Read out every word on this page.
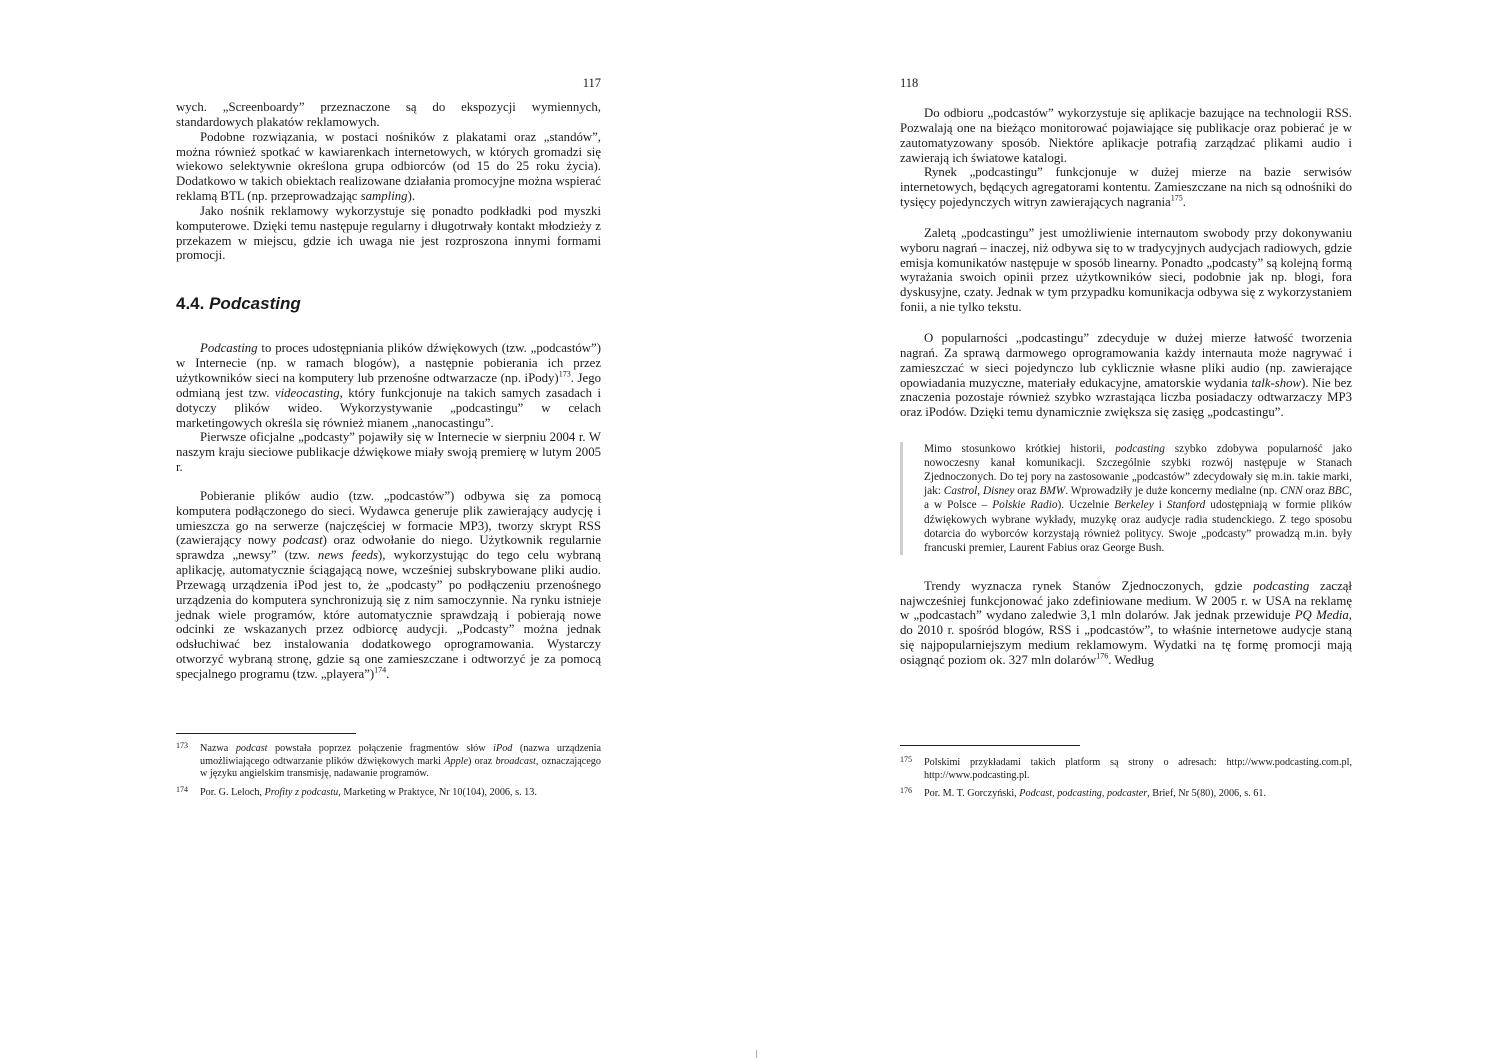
117

wych. „Screenboardy” przeznaczone są do ekspozycji wymiennych, standardowych plakatów reklamowych.

Podobne rozwiązania, w postaci nośników z plakatami oraz „standów”, można również spotkać w kawiarenkach internetowych, w których gromadzi się wiekowo selektywnie określona grupa odbiorców (od 15 do 25 roku życia). Dodatkowo w takich obiektach realizowane działania promocyjne można wspierać reklamą BTL (np. przeprowadzając sampling).

Jako nośnik reklamowy wykorzystuje się ponadto podkładki pod myszki komputerowe. Dzięki temu następuje regularny i długotrwały kontakt młodzieży z przekazem w miejscu, gdzie ich uwaga nie jest rozproszona innymi formami promocji.

4.4. Podcasting

Podcasting to proces udostępniania plików dźwiękowych (tzw. „podcastów”) w Internecie (np. w ramach blogów), a następnie pobierania ich przez użytkowników sieci na komputery lub przenośne odtwarzacze (np. iPody)$^{173}$. Jego odmianą jest tzw. videocasting, który funkcjonuje na takich samych zasadach i dotyczy plików wideo. Wykorzystywanie „podcastingu” w celach marketingowych określa się również mianem „nanocastingu”.

Pierwsze oficjalne „podcasty” pojawiły się w Internecie w sierpniu 2004 r. W naszym kraju sieciowe publikacje dźwiękowe miały swoją premierę w lutym 2005 r.

Pobieranie plików audio (tzw. „podcastów”) odbywa się za pomocą komputera podłączonego do sieci. Wydawca generuje plik zawierający audycję i umieszcza go na serwerze (najczęściej w formacie MP3), tworzy skrypt RSS (zawierający nowy podcast) oraz odwołanie do niego. Użytkownik regularnie sprawdza „newsy” (tzw. news feeds), wykorzystując do tego celu wybraną aplikację, automatycznie ściągającą nowe, wcześniej subskrybowane pliki audio. Przewagą urządzenia iPod jest to, że „podcasty” po podłączeniu przenośnego urządzenia do komputera synchronizują się z nim samoczynnie. Na rynku istnieje jednak wiele programów, które automatycznie sprawdzają i pobierają nowe odcinki ze wskazanych przez odbiorcę audycji. „Podcasty” można jednak odsłuchiwać bez instalowania dodatkowego oprogramowania. Wystarczy otworzyć wybraną stronę, gdzie są one zamieszczane i odtworzyć je za pomocą specjalnego programu (tzw. „playera”)$^{174}$.

173 Nazwa podcast powstała poprzez połączenie fragmentów słów iPod (nazwa urządzenia umożliwiającego odtwarzanie plików dźwiękowych marki Apple) oraz broadcast, oznaczającego w języku angielskim transmisję, nadawanie programów.

174 Por. G. Leloch, Profity z podcastu, Marketing w Praktyce, Nr 10(104), 2006, s. 13.

118

Do odbioru „podcastów” wykorzystuje się aplikacje bazujące na technologii RSS. Pozwalają one na bieżąco monitorować pojawiające się publikacje oraz pobierać je w zautomatyzowany sposób. Niektóre aplikacje potrafią zarządzać plikami audio i zawierają ich światowe katalogi.

Rynek „podcastingu” funkcjonuje w dużej mierze na bazie serwisów internetowych, będących agregatorami kontentu. Zamieszczane na nich są odnośniki do tysięcy pojedynczych witryn zawierających nagrania$^{175}$.

Zaletą „podcastingu” jest umożliwienie internautom swobody przy dokonywaniu wyboru nagrań – inaczej, niż odbywa się to w tradycyjnych audycjach radiowych, gdzie emisja komunikatów następuje w sposób linearny. Ponadto „podcasty” są kolejną formą wyrażania swoich opinii przez użytkowników sieci, podobnie jak np. blogi, fora dyskusyjne, czaty. Jednak w tym przypadku komunikacja odbywa się z wykorzystaniem fonii, a nie tylko tekstu.

O popularności „podcastingu” zdecyduje w dużej mierze łatwość tworzenia nagrań. Za sprawą darmowego oprogramowania każdy internauta może nagrywać i zamieszczać w sieci pojedynczo lub cyklicznie własne pliki audio (np. zawierające opowiadania muzyczne, materiały edukacyjne, amatorskie wydania talk-show). Nie bez znaczenia pozostaje również szybko wzrastająca liczba posiadaczy odtwarzaczy MP3 oraz iPodów. Dzięki temu dynamicznie zwiększa się zasięg „podcastingu”.

Mimo stosunkowo krótkiej historii, podcasting szybko zdobywa popularność jako nowoczesny kanał komunikacji. Szczególnie szybki rozwój następuje w Stanach Zjednoczonych. Do tej pory na zastosowanie „podcastów” zdecydowały się m.in. takie marki, jak: Castrol, Disney oraz BMW. Wprowadziły je duże koncerny medialne (np. CNN oraz BBC, a w Polsce – Polskie Radio). Uczelnie Berkeley i Stanford udostępniają w formie plików dźwiękowych wybrane wykłady, muzykę oraz audycje radia studenckiego. Z tego sposobu dotarcia do wyborców korzystają również politycy. Swoje „podcasty” prowadzą m.in. były francuski premier, Laurent Fabius oraz George Bush.

Trendy wyznacza rynek Stanów Zjednoczonych, gdzie podcasting zaczął najwcześniej funkcjonować jako zdefiniowane medium. W 2005 r. w USA na reklamę w „podcastach” wydano zaledwie 3,1 mln dolarów. Jak jednak przewiduje PQ Media, do 2010 r. spośród blogów, RSS i „podcastów”, to właśnie internetowe audycje staną się najpopularniejszym medium reklamowym. Wydatki na tę formę promocji mają osiągnąć poziom ok. 327 mln dolarów$^{176}$. Według

175 Polskimi przykładami takich platform są strony o adresach: http://www.podcasting.com.pl, http://www.podcasting.pl.

176 Por. M. T. Gorczyński, Podcast, podcasting, podcaster, Brief, Nr 5(80), 2006, s. 61.
